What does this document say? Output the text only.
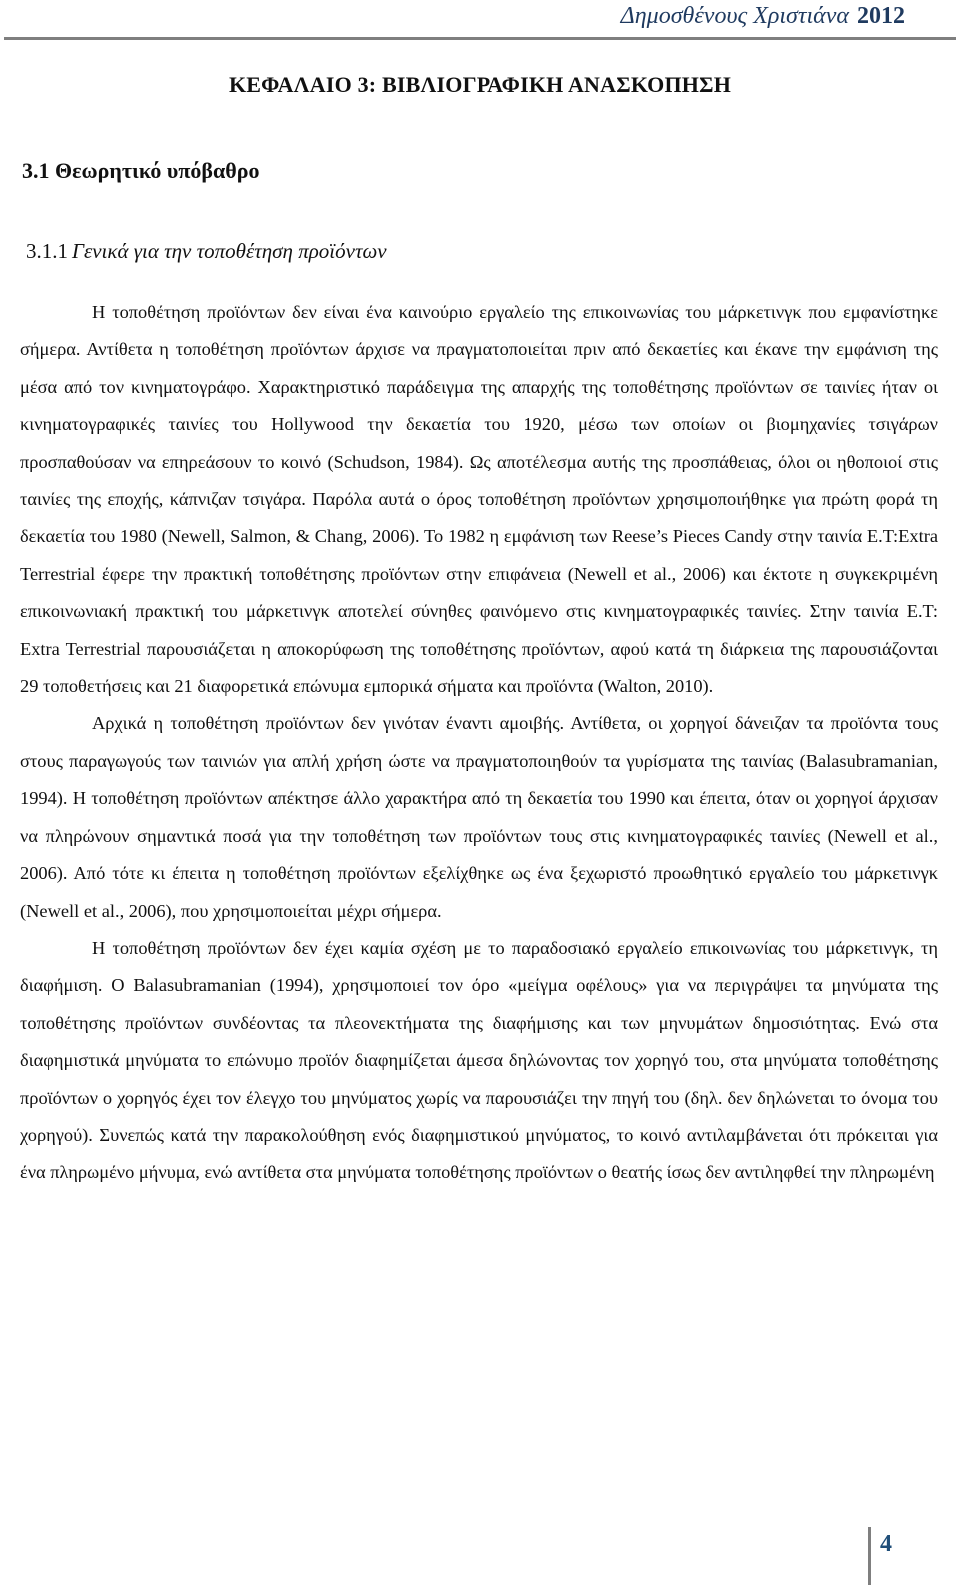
Δημοσθένους Χριστιάνα 2012
ΚΕΦΑΛΑΙΟ 3: ΒΙΒΛΙΟΓΡΑΦΙΚΗ ΑΝΑΣΚΟΠΗΣΗ
3.1 Θεωρητικό υπόβαθρο
3.1.1 Γενικά για την τοποθέτηση προϊόντων

Η τοποθέτηση προϊόντων δεν είναι ένα καινούριο εργαλείο της επικοινωνίας του μάρκετινγκ που εμφανίστηκε σήμερα. Αντίθετα η τοποθέτηση προϊόντων άρχισε να πραγματοποιείται πριν από δεκαετίες και έκανε την εμφάνιση της μέσα από τον κινηματογράφο. Χαρακτηριστικό παράδειγμα της απαρχής της τοποθέτησης προϊόντων σε ταινίες ήταν οι κινηματογραφικές ταινίες του Hollywood την δεκαετία του 1920, μέσω των οποίων οι βιομηχανίες τσιγάρων προσπαθούσαν να επηρεάσουν το κοινό (Schudson, 1984). Ως αποτέλεσμα αυτής της προσπάθειας, όλοι οι ηθοποιοί στις ταινίες της εποχής, κάπνιζαν τσιγάρα. Παρόλα αυτά ο όρος τοποθέτηση προϊόντων χρησιμοποιήθηκε για πρώτη φορά τη δεκαετία του 1980 (Newell, Salmon, & Chang, 2006). Το 1982 η εμφάνιση των Reese’s Pieces Candy στην ταινία E.T:Extra Terrestrial έφερε την πρακτική τοποθέτησης προϊόντων στην επιφάνεια (Newell et al., 2006) και έκτοτε η συγκεκριμένη επικοινωνιακή πρακτική του μάρκετινγκ αποτελεί σύνηθες φαινόμενο στις κινηματογραφικές ταινίες. Στην ταινία E.T: Extra Terrestrial παρουσιάζεται η αποκορύφωση της τοποθέτησης προϊόντων, αφού κατά τη διάρκεια της παρουσιάζονται 29 τοποθετήσεις και 21 διαφορετικά επώνυμα εμπορικά σήματα και προϊόντα (Walton, 2010).

Αρχικά η τοποθέτηση προϊόντων δεν γινόταν έναντι αμοιβής. Αντίθετα, οι χορηγοί δάνειζαν τα προϊόντα τους στους παραγωγούς των ταινιών για απλή χρήση ώστε να πραγματοποιηθούν τα γυρίσματα της ταινίας (Balasubramanian, 1994). Η τοποθέτηση προϊόντων απέκτησε άλλο χαρακτήρα από τη δεκαετία του 1990 και έπειτα, όταν οι χορηγοί άρχισαν να πληρώνουν σημαντικά ποσά για την τοποθέτηση των προϊόντων τους στις κινηματογραφικές ταινίες (Newell et al., 2006). Από τότε κι έπειτα η τοποθέτηση προϊόντων εξελίχθηκε ως ένα ξεχωριστό προωθητικό εργαλείο του μάρκετινγκ (Newell et al., 2006), που χρησιμοποιείται μέχρι σήμερα.

Η τοποθέτηση προϊόντων δεν έχει καμία σχέση με το παραδοσιακό εργαλείο επικοινωνίας του μάρκετινγκ, τη διαφήμιση. Ο Balasubramanian (1994), χρησιμοποιεί τον όρο «μείγμα οφέλους» για να περιγράψει τα μηνύματα της τοποθέτησης προϊόντων συνδέοντας τα πλεονεκτήματα της διαφήμισης και των μηνυμάτων δημοσιότητας. Ενώ στα διαφημιστικά μηνύματα το επώνυμο προϊόν διαφημίζεται άμεσα δηλώνοντας τον χορηγό του, στα μηνύματα τοποθέτησης προϊόντων ο χορηγός έχει τον έλεγχο του μηνύματος χωρίς να παρουσιάζει την πηγή του (δηλ. δεν δηλώνεται το όνομα του χορηγού). Συνεπώς κατά την παρακολούθηση ενός διαφημιστικού μηνύματος, το κοινό αντιλαμβάνεται ότι πρόκειται για ένα πληρωμένο μήνυμα, ενώ αντίθετα στα μηνύματα τοποθέτησης προϊόντων ο θεατής ίσως δεν αντιληφθεί την πληρωμένη

4
